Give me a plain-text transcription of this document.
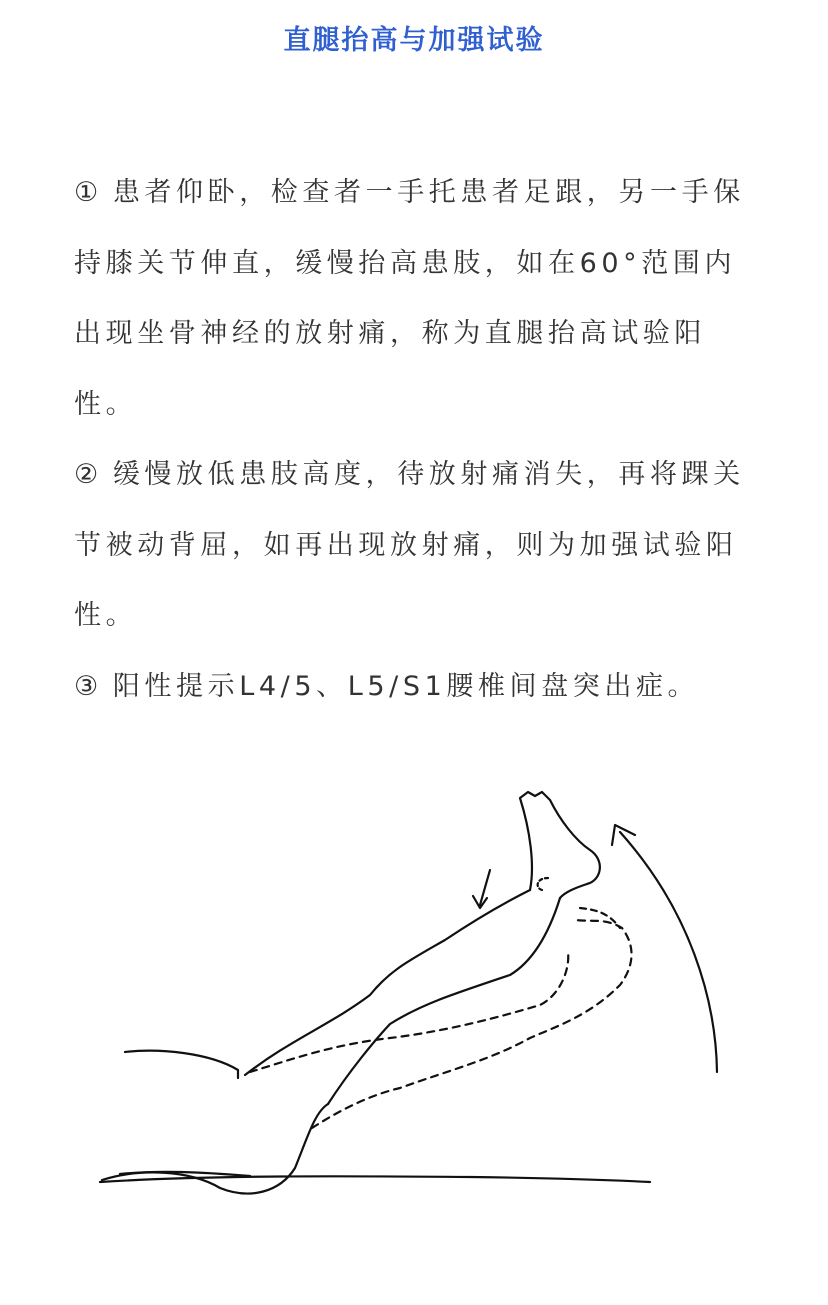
直腿抬高与加强试验

① 患者仰卧，检查者一手托患者足跟，另一手保持膝关节伸直，缓慢抬高患肢，如在60°范围内出现坐骨神经的放射痛，称为直腿抬高试验阳性。

② 缓慢放低患肢高度，待放射痛消失，再将踝关节被动背屈，如再出现放射痛，则为加强试验阳性。

③ 阳性提示L4/5、L5/S1腰椎间盘突出症。
